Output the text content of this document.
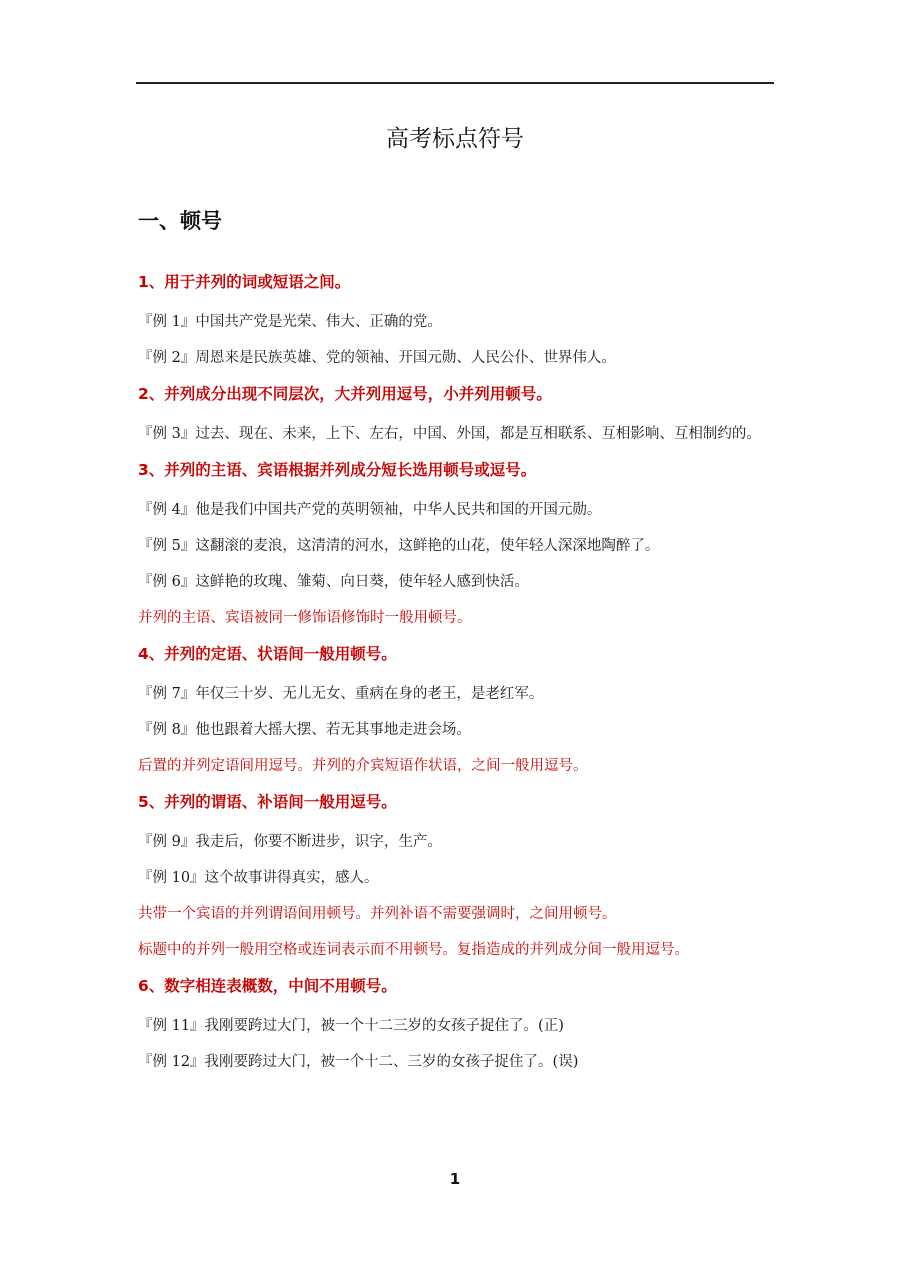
高考标点符号
一、顿号
1、用于并列的词或短语之间。
『例 1』中国共产党是光荣、伟大、正确的党。
『例 2』周恩来是民族英雄、党的领袖、开国元勋、人民公仆、世界伟人。
2、并列成分出现不同层次，大并列用逗号，小并列用顿号。
『例 3』过去、现在、未来，上下、左右，中国、外国，都是互相联系、互相影响、互相制约的。
3、并列的主语、宾语根据并列成分短长选用顿号或逗号。
『例 4』他是我们中国共产党的英明领袖，中华人民共和国的开国元勋。
『例 5』这翻滚的麦浪，这清清的河水，这鲜艳的山花，使年轻人深深地陶醉了。
『例 6』这鲜艳的玫瑰、雏菊、向日葵，使年轻人感到快活。
并列的主语、宾语被同一修饰语修饰时一般用顿号。
4、并列的定语、状语间一般用顿号。
『例 7』年仅三十岁、无儿无女、重病在身的老王，是老红军。
『例 8』他也跟着大摇大摆、若无其事地走进会场。
后置的并列定语间用逗号。并列的介宾短语作状语，之间一般用逗号。
5、并列的谓语、补语间一般用逗号。
『例 9』我走后，你要不断进步，识字，生产。
『例 10』这个故事讲得真实，感人。
共带一个宾语的并列谓语间用顿号。并列补语不需要强调时，之间用顿号。
标题中的并列一般用空格或连词表示而不用顿号。复指造成的并列成分间一般用逗号。
6、数字相连表概数，中间不用顿号。
『例 11』我刚要跨过大门，被一个十二三岁的女孩子捉住了。(正)
『例 12』我刚要跨过大门，被一个十二、三岁的女孩子捉住了。(误)
1
